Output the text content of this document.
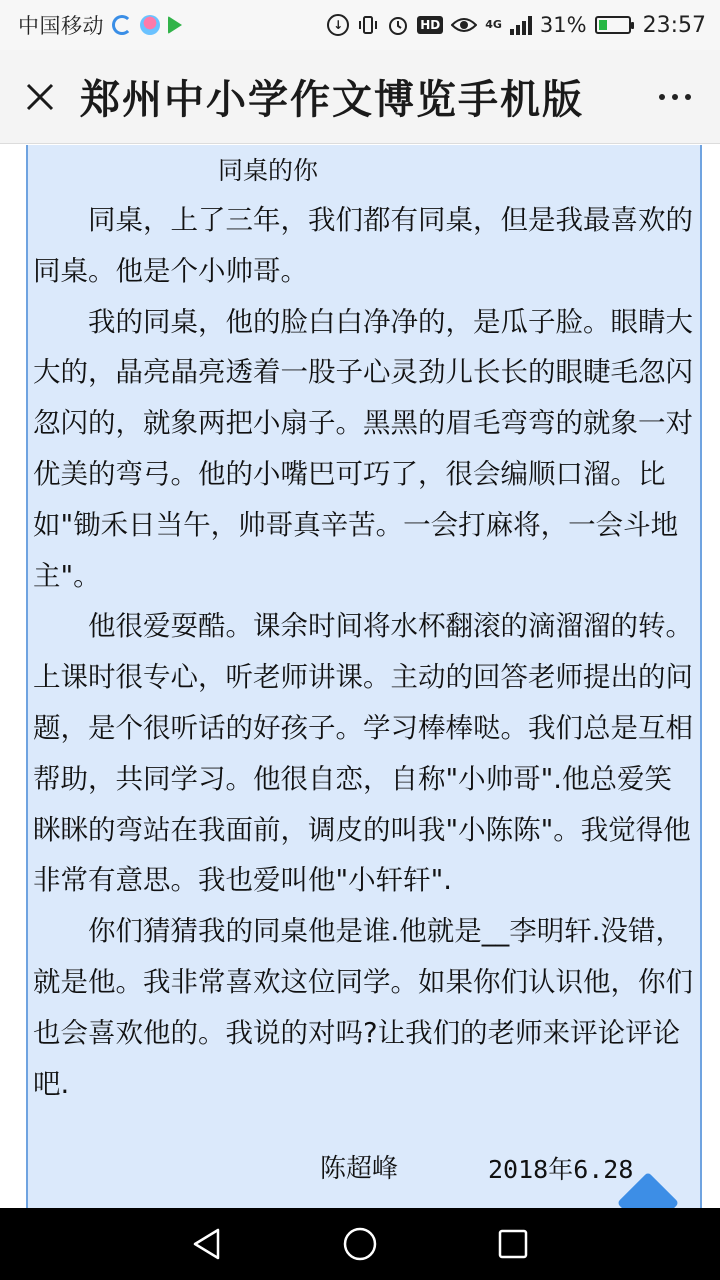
中国移动	↓	HD	4G 31%	23:57
郑州中小学作文博览手机版
同桌的你

同桌，上了三年，我们都有同桌，但是我最喜欢的同桌。他是个小帅哥。

我的同桌，他的脸白白净净的，是瓜子脸。眼睛大大的，晶亮晶亮透着一股子心灵劲儿长长的眼睫毛忽闪忽闪的，就象两把小扇子。黑黑的眉毛弯弯的就象一对优美的弯弓。他的小嘴巴可巧了，很会编顺口溜。比如"锄禾日当午，帅哥真辛苦。一会打麻将，一会斗地主"。

他很爱耍酷。课余时间将水杯翻滚的滴溜溜的转。上课时很专心，听老师讲课。主动的回答老师提出的问题，是个很听话的好孩子。学习棒棒哒。我们总是互相帮助，共同学习。他很自恋，自称"小帅哥".他总爱笑眯眯的弯站在我面前，调皮的叫我"小陈陈"。我觉得他非常有意思。我也爱叫他"小轩轩".

你们猜猜我的同桌他是谁.他就是__李明轩.没错，就是他。我非常喜欢这位同学。如果你们认识他，你们也会喜欢他的。我说的对吗?让我们的老师来评论评论吧.

陈超峰	2018年6.28
